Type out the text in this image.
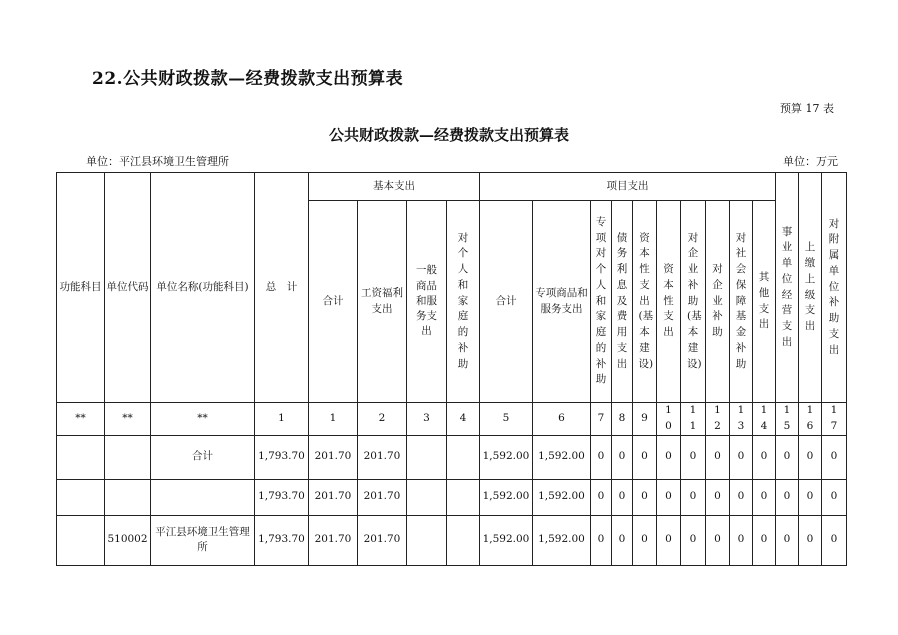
22.公共财政拨款—经费拨款支出预算表
预算 17 表
公共财政拨款—经费拨款支出预算表
单位：平江县环境卫生管理所	单位：万元
功能科目	单位代码	单位名称(功能科目)	总　计	基本支出				项目支出										事业单位经营支出	上缴上级支出	对附属单位补助支出
				合计	工资福利支出	一般商品和服务支出	对个人和家庭的补助	合计	专项商品和服务支出	专项对个人和家庭的补助	债务利息及费用支出	资本性支出(基本建设)	资本性支出	对企业补助(基本建设)	对企业补助	对社会保障基金补助	其他支出			
**	**	**	1	1	2	3	4	5	6	7	8	9	10	11	12	13	14	15	16	17
		合计	1,793.70	201.70	201.70			1,592.00	1,592.00	0	0	0	0	0	0	0	0	0	0	0
			1,793.70	201.70	201.70			1,592.00	1,592.00	0	0	0	0	0	0	0	0	0	0	0
	510002	平江县环境卫生管理所	1,793.70	201.70	201.70			1,592.00	1,592.00	0	0	0	0	0	0	0	0	0	0	0
